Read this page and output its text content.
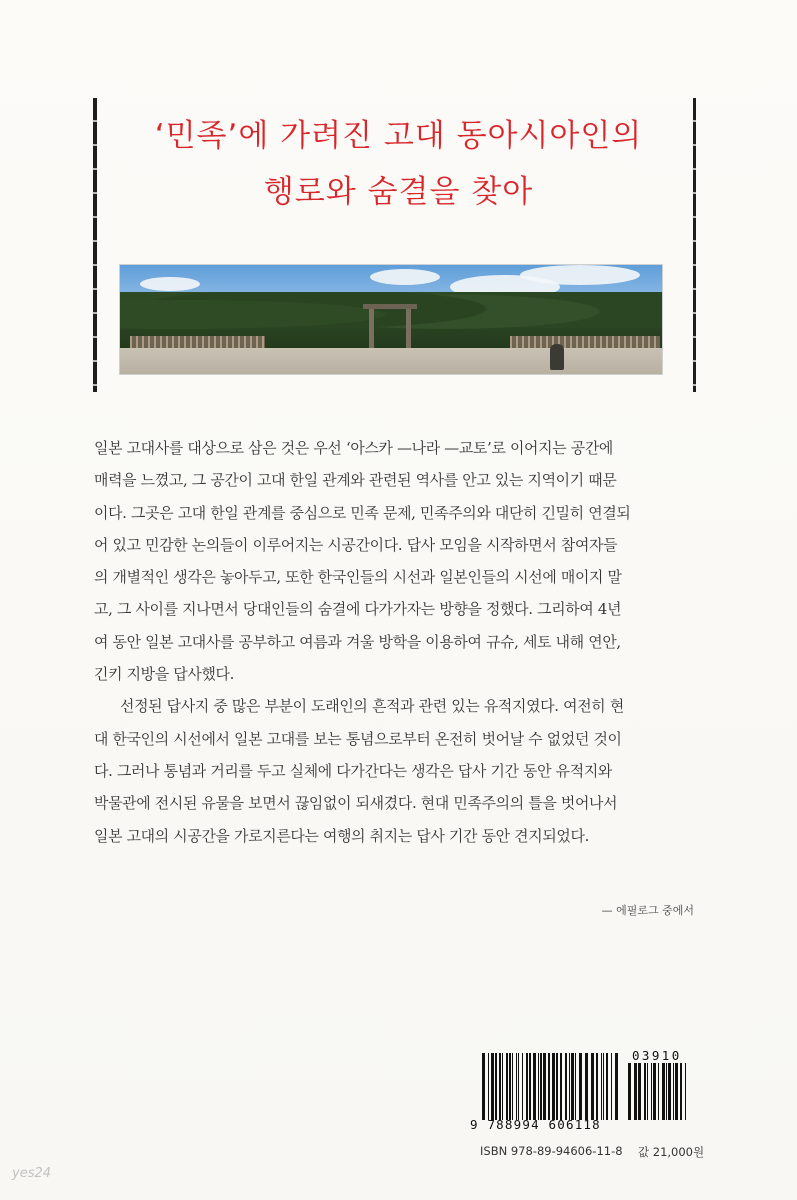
‘민족’에 가려진 고대 동아시아인의
행로와 숨결을 찾아
일본 고대사를 대상으로 삼은 것은 우선 ‘아스카 —나라 —교토’로 이어지는 공간에
매력을 느꼈고, 그 공간이 고대 한일 관계와 관련된 역사를 안고 있는 지역이기 때문
이다. 그곳은 고대 한일 관계를 중심으로 민족 문제, 민족주의와 대단히 긴밀히 연결되
어 있고 민감한 논의들이 이루어지는 시공간이다. 답사 모임을 시작하면서 참여자들
의 개별적인 생각은 놓아두고, 또한 한국인들의 시선과 일본인들의 시선에 매이지 말
고, 그 사이를 지나면서 당대인들의 숨결에 다가가자는 방향을 정했다. 그리하여 4년
여 동안 일본 고대사를 공부하고 여름과 겨울 방학을 이용하여 규슈, 세토 내해 연안,
긴키 지방을 답사했다.
선정된 답사지 중 많은 부분이 도래인의 흔적과 관련 있는 유적지였다. 여전히 현
대 한국인의 시선에서 일본 고대를 보는 통념으로부터 온전히 벗어날 수 없었던 것이
다. 그러나 통념과 거리를 두고 실체에 다가간다는 생각은 답사 기간 동안 유적지와
박물관에 전시된 유물을 보면서 끊임없이 되새겼다. 현대 민족주의의 틀을 벗어나서
일본 고대의 시공간을 가로지른다는 여행의 취지는 답사 기간 동안 견지되었다.
— 에필로그 중에서
9 788994 606118
03910
ISBN 978-89-94606-11-8 값 21,000원
yes24
